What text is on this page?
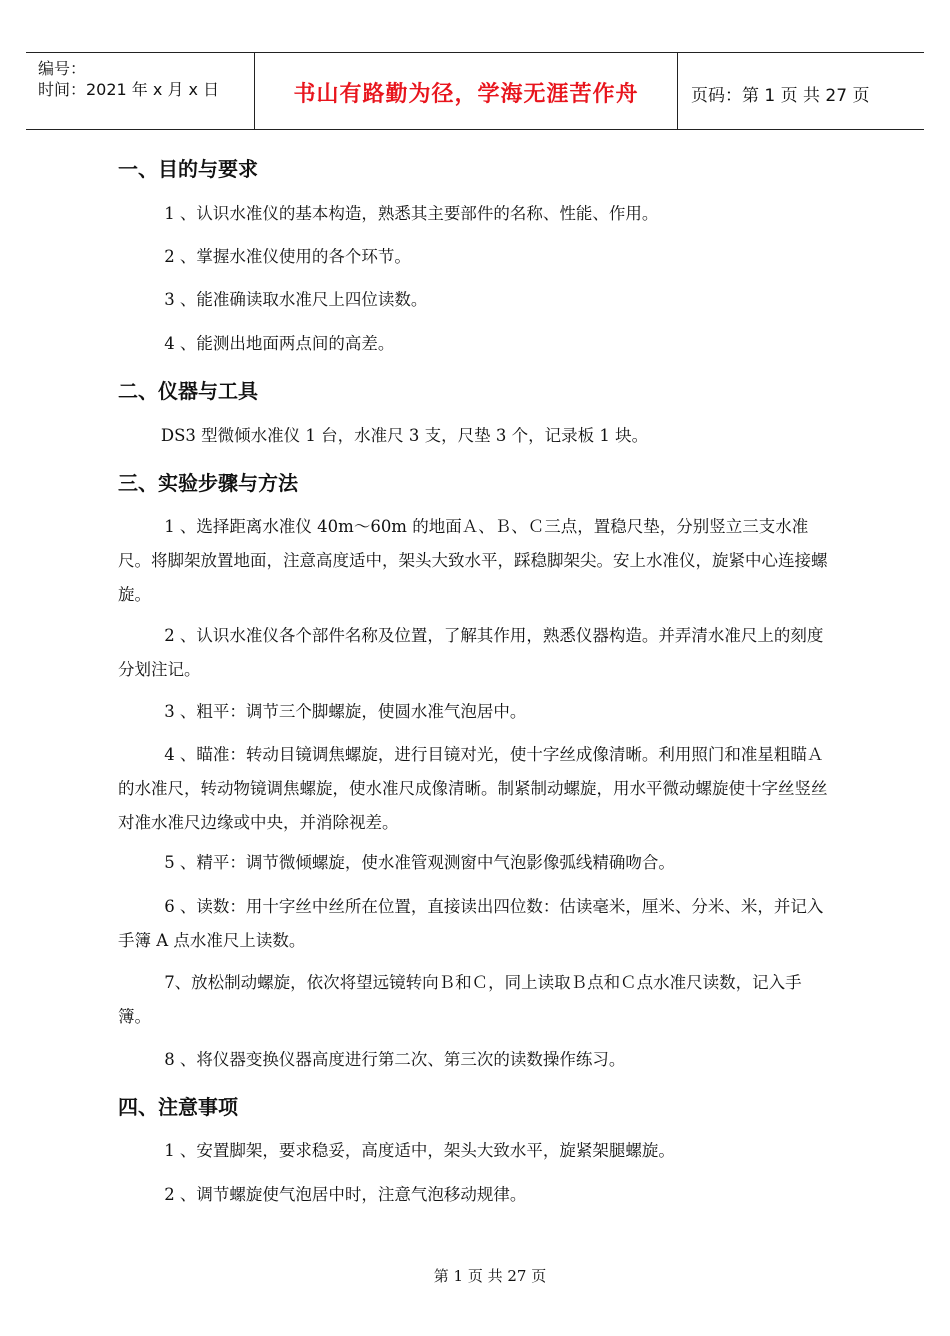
编号：
时间：2021 年 x 月 x 日	书山有路勤为径，学海无涯苦作舟	页码：第 1 页 共 27 页
一、目的与要求
1 、认识水准仪的基本构造，熟悉其主要部件的名称、性能、作用。
2 、掌握水准仪使用的各个环节。
3 、能准确读取水准尺上四位读数。
4 、能测出地面两点间的高差。
二、仪器与工具
DS3 型微倾水准仪 1 台，水准尺 3 支，尺垫 3 个，记录板 1 块。
三、实验步骤与方法
1 、选择距离水准仪 40m～60m 的地面Ａ、Ｂ、Ｃ三点，置稳尺垫，分别竖立三支水准尺。将脚架放置地面，注意高度适中，架头大致水平，踩稳脚架尖。安上水准仪，旋紧中心连接螺旋。
2 、认识水准仪各个部件名称及位置，了解其作用，熟悉仪器构造。并弄清水准尺上的刻度分划注记。
3 、粗平：调节三个脚螺旋，使圆水准气泡居中。
4 、瞄准：转动目镜调焦螺旋，进行目镜对光，使十字丝成像清晰。利用照门和准星粗瞄Ａ的水准尺，转动物镜调焦螺旋，使水准尺成像清晰。制紧制动螺旋，用水平微动螺旋使十字丝竖丝对准水准尺边缘或中央，并消除视差。
5 、精平：调节微倾螺旋，使水准管观测窗中气泡影像弧线精确吻合。
6 、读数：用十字丝中丝所在位置，直接读出四位数：估读毫米，厘米、分米、米，并记入手簿 A 点水准尺上读数。
7、放松制动螺旋，依次将望远镜转向Ｂ和Ｃ，同上读取Ｂ点和Ｃ点水准尺读数，记入手簿。
8 、将仪器变换仪器高度进行第二次、第三次的读数操作练习。
四、注意事项
1 、安置脚架，要求稳妥，高度适中，架头大致水平，旋紧架腿螺旋。
2 、调节螺旋使气泡居中时，注意气泡移动规律。
第 1 页 共 27 页
